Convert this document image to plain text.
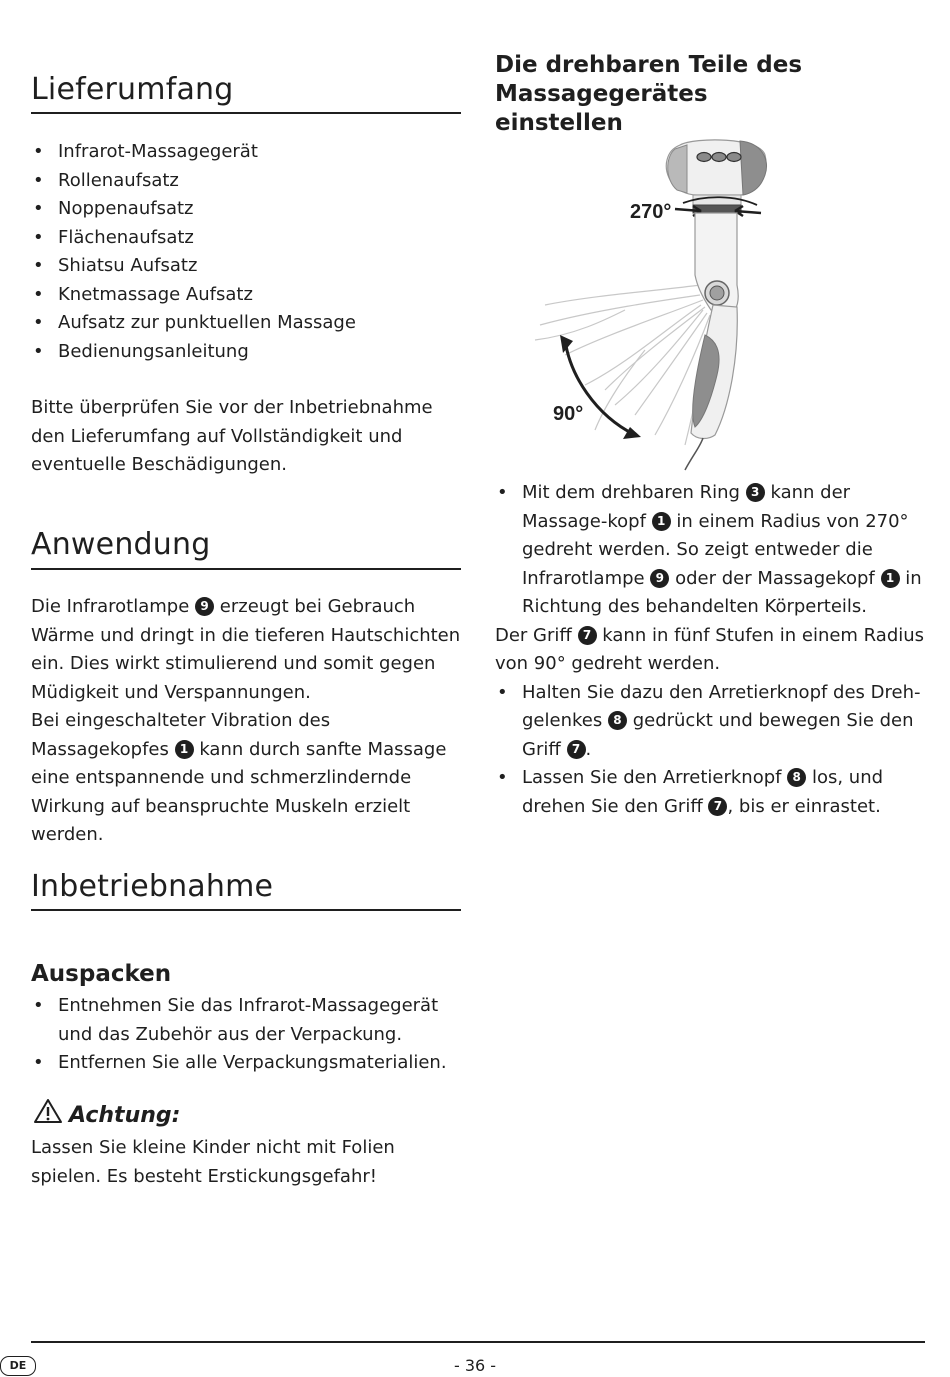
Lieferumfang
• Infrarot-Massagegerät
• Rollenaufsatz
• Noppenaufsatz
• Flächenaufsatz
• Shiatsu Aufsatz
• Knetmassage Aufsatz
• Aufsatz zur punktuellen Massage
• Bedienungsanleitung

Bitte überprüfen Sie vor der Inbetriebnahme den Lieferumfang auf Vollständigkeit und eventuelle Beschädigungen.

Anwendung

Die Infrarotlampe 9 erzeugt bei Gebrauch Wärme und dringt in die tieferen Hautschichten ein. Dies wirkt stimulierend und somit gegen Müdigkeit und Verspannungen.
Bei eingeschalteter Vibration des Massagekopfes 1 kann durch sanfte Massage eine entspannende und schmerzlindernde Wirkung auf beanspruchte Muskeln erzielt werden.

Inbetriebnahme
Auspacken
• Entnehmen Sie das Infrarot-Massagegerät und das Zubehör aus der Verpackung.
• Entfernen Sie alle Verpackungsmaterialien.
Achtung:

Lassen Sie kleine Kinder nicht mit Folien spielen. Es besteht Erstickungsgefahr!

Die drehbaren Teile des Massagegerätes einstellen
270°
90°
• Mit dem drehbaren Ring 3 kann der Massage-kopf 1 in einem Radius von 270° gedreht werden. So zeigt entweder die Infrarotlampe 9 oder der Massagekopf 1 in Richtung des behandelten Körperteils.

Der Griff 7 kann in fünf Stufen in einem Radius von 90° gedreht werden.

• Halten Sie dazu den Arretierknopf des Dreh-gelenkes 8 gedrückt und bewegen Sie den Griff 7 .
• Lassen Sie den Arretierknopf 8 los, und drehen Sie den Griff 7 , bis er einrastet.
DE	- 36 -
